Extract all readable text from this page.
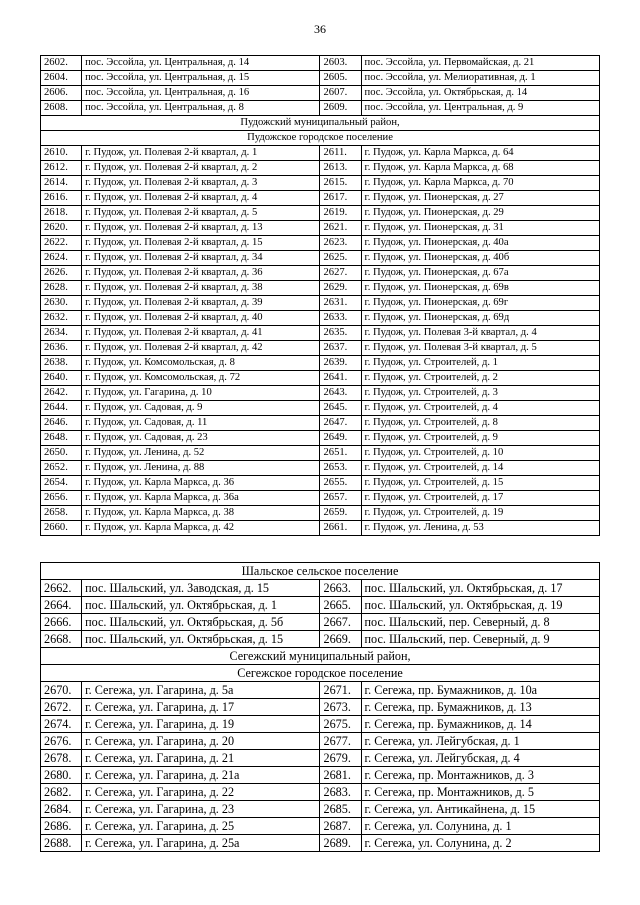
36
2602.	пос. Эссойла, ул. Центральная, д. 14	2603.	пос. Эссойла, ул. Первомайская, д. 21
2604.	пос. Эссойла, ул. Центральная, д. 15	2605.	пос. Эссойла, ул. Мелиоративная, д. 1
2606.	пос. Эссойла, ул. Центральная, д. 16	2607.	пос. Эссойла, ул. Октябрьская, д. 14
2608.	пос. Эссойла, ул. Центральная, д. 8	2609.	пос. Эссойла, ул. Центральная, д. 9
Пудожский муниципальный район,			
Пудожское городское поселение			
2610.	г. Пудож, ул. Полевая 2-й квартал, д. 1	2611.	г. Пудож, ул. Карла Маркса, д. 64
2612.	г. Пудож, ул. Полевая 2-й квартал, д. 2	2613.	г. Пудож, ул. Карла Маркса, д. 68
2614.	г. Пудож, ул. Полевая 2-й квартал, д. 3	2615.	г. Пудож, ул. Карла Маркса, д. 70
2616.	г. Пудож, ул. Полевая 2-й квартал, д. 4	2617.	г. Пудож, ул. Пионерская, д. 27
2618.	г. Пудож, ул. Полевая 2-й квартал, д. 5	2619.	г. Пудож, ул. Пионерская, д. 29
2620.	г. Пудож, ул. Полевая 2-й квартал, д. 13	2621.	г. Пудож, ул. Пионерская, д. 31
2622.	г. Пудож, ул. Полевая 2-й квартал, д. 15	2623.	г. Пудож, ул. Пионерская, д. 40а
2624.	г. Пудож, ул. Полевая 2-й квартал, д. 34	2625.	г. Пудож, ул. Пионерская, д. 40б
2626.	г. Пудож, ул. Полевая 2-й квартал, д. 36	2627.	г. Пудож, ул. Пионерская, д. 67а
2628.	г. Пудож, ул. Полевая 2-й квартал, д. 38	2629.	г. Пудож, ул. Пионерская, д. 69в
2630.	г. Пудож, ул. Полевая 2-й квартал, д. 39	2631.	г. Пудож, ул. Пионерская, д. 69г
2632.	г. Пудож, ул. Полевая 2-й квартал, д. 40	2633.	г. Пудож, ул. Пионерская, д. 69д
2634.	г. Пудож, ул. Полевая 2-й квартал, д. 41	2635.	г. Пудож, ул. Полевая 3-й квартал, д. 4
2636.	г. Пудож, ул. Полевая 2-й квартал, д. 42	2637.	г. Пудож, ул. Полевая 3-й квартал, д. 5
2638.	г. Пудож, ул. Комсомольская, д. 8	2639.	г. Пудож, ул. Строителей, д. 1
2640.	г. Пудож, ул. Комсомольская, д. 72	2641.	г. Пудож, ул. Строителей, д. 2
2642.	г. Пудож, ул. Гагарина, д. 10	2643.	г. Пудож, ул. Строителей, д. 3
2644.	г. Пудож, ул. Садовая, д. 9	2645.	г. Пудож, ул. Строителей, д. 4
2646.	г. Пудож, ул. Садовая, д. 11	2647.	г. Пудож, ул. Строителей, д. 8
2648.	г. Пудож, ул. Садовая, д. 23	2649.	г. Пудож, ул. Строителей, д. 9
2650.	г. Пудож, ул. Ленина, д. 52	2651.	г. Пудож, ул. Строителей, д. 10
2652.	г. Пудож, ул. Ленина, д. 88	2653.	г. Пудож, ул. Строителей, д. 14
2654.	г. Пудож, ул. Карла Маркса, д. 36	2655.	г. Пудож, ул. Строителей, д. 15
2656.	г. Пудож, ул. Карла Маркса, д. 36а	2657.	г. Пудож, ул. Строителей, д. 17
2658.	г. Пудож, ул. Карла Маркса, д. 38	2659.	г. Пудож, ул. Строителей, д. 19
2660.	г. Пудож, ул. Карла Маркса, д. 42	2661.	г. Пудож, ул. Ленина, д. 53
Шальское сельское поселение			
2662.	пос. Шальский, ул. Заводская, д. 15	2663.	пос. Шальский, ул. Октябрьская, д. 17
2664.	пос. Шальский, ул. Октябрьская, д. 1	2665.	пос. Шальский, ул. Октябрьская, д. 19
2666.	пос. Шальский, ул. Октябрьская, д. 5б	2667.	пос. Шальский, пер. Северный, д. 8
2668.	пос. Шальский, ул. Октябрьская, д. 15	2669.	пос. Шальский, пер. Северный, д. 9
Сегежский муниципальный район,			
Сегежское городское поселение			
2670.	г. Сегежа, ул. Гагарина, д. 5а	2671.	г. Сегежа, пр. Бумажников, д. 10а
2672.	г. Сегежа, ул. Гагарина, д. 17	2673.	г. Сегежа, пр. Бумажников, д. 13
2674.	г. Сегежа, ул. Гагарина, д. 19	2675.	г. Сегежа, пр. Бумажников, д. 14
2676.	г. Сегежа, ул. Гагарина, д. 20	2677.	г. Сегежа, ул. Лейгубская, д. 1
2678.	г. Сегежа, ул. Гагарина, д. 21	2679.	г. Сегежа, ул. Лейгубская, д. 4
2680.	г. Сегежа, ул. Гагарина, д. 21а	2681.	г. Сегежа, пр. Монтажников, д. 3
2682.	г. Сегежа, ул. Гагарина, д. 22	2683.	г. Сегежа, пр. Монтажников, д. 5
2684.	г. Сегежа, ул. Гагарина, д. 23	2685.	г. Сегежа, ул. Антикайнена, д. 15
2686.	г. Сегежа, ул. Гагарина, д. 25	2687.	г. Сегежа, ул. Солунина, д. 1
2688.	г. Сегежа, ул. Гагарина, д. 25а	2689.	г. Сегежа, ул. Солунина, д. 2
